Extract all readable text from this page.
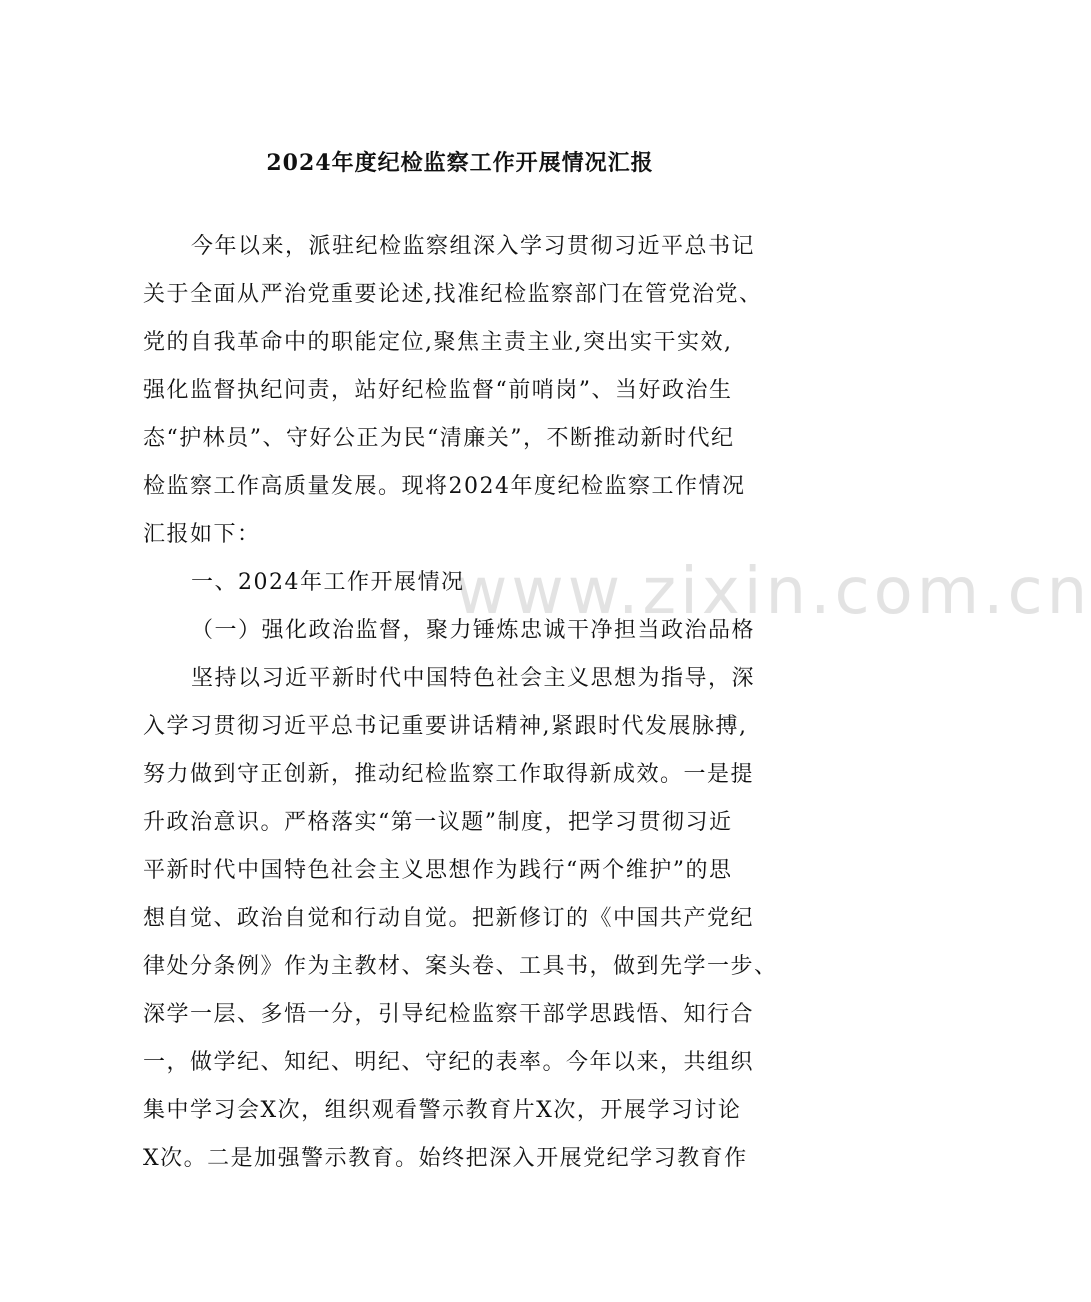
www.zixin.com.cn
2024年度纪检监察工作开展情况汇报
今年以来，派驻纪检监察组深入学习贯彻习近平总书记
关于全面从严治党重要论述,找准纪检监察部门在管党治党、
党的自我革命中的职能定位,聚焦主责主业,突出实干实效,
强化监督执纪问责，站好纪检监督“前哨岗”、当好政治生
态“护林员”、守好公正为民“清廉关”，不断推动新时代纪
检监察工作高质量发展。现将2024年度纪检监察工作情况
汇报如下：
一、2024年工作开展情况
（一）强化政治监督，聚力锤炼忠诚干净担当政治品格
坚持以习近平新时代中国特色社会主义思想为指导，深
入学习贯彻习近平总书记重要讲话精神,紧跟时代发展脉搏,
努力做到守正创新，推动纪检监察工作取得新成效。一是提
升政治意识。严格落实“第一议题”制度，把学习贯彻习近
平新时代中国特色社会主义思想作为践行“两个维护”的思
想自觉、政治自觉和行动自觉。把新修订的《中国共产党纪
律处分条例》作为主教材、案头卷、工具书，做到先学一步、
深学一层、多悟一分，引导纪检监察干部学思践悟、知行合
一，做学纪、知纪、明纪、守纪的表率。今年以来，共组织
集中学习会X次，组织观看警示教育片X次，开展学习讨论
X次。二是加强警示教育。始终把深入开展党纪学习教育作
